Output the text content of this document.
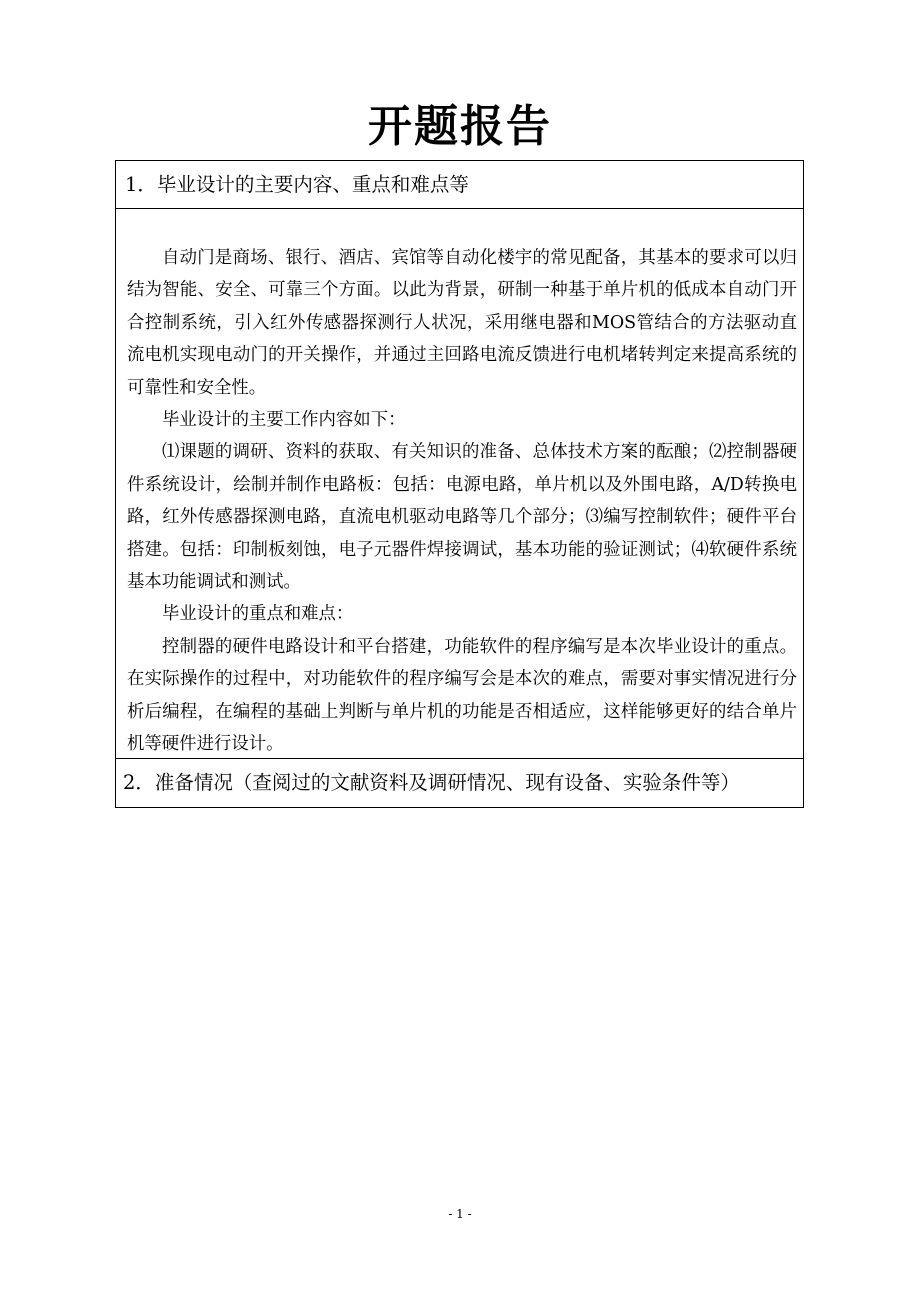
开题报告
1．毕业设计的主要内容、重点和难点等

自动门是商场、银行、酒店、宾馆等自动化楼宇的常见配备，其基本的要求可以归结为智能、安全、可靠三个方面。以此为背景，研制一种基于单片机的低成本自动门开合控制系统，引入红外传感器探测行人状况，采用继电器和MOS管结合的方法驱动直流电机实现电动门的开关操作，并通过主回路电流反馈进行电机堵转判定来提高系统的可靠性和安全性。

毕业设计的主要工作内容如下：

⑴课题的调研、资料的获取、有关知识的准备、总体技术方案的酝酿；⑵控制器硬件系统设计，绘制并制作电路板：包括：电源电路，单片机以及外围电路，A/D转换电路，红外传感器探测电路，直流电机驱动电路等几个部分；⑶编写控制软件；硬件平台搭建。包括：印制板刻蚀，电子元器件焊接调试，基本功能的验证测试；⑷软硬件系统基本功能调试和测试。

毕业设计的重点和难点：

控制器的硬件电路设计和平台搭建，功能软件的程序编写是本次毕业设计的重点。在实际操作的过程中，对功能软件的程序编写会是本次的难点，需要对事实情况进行分析后编程，在编程的基础上判断与单片机的功能是否相适应，这样能够更好的结合单片机等硬件进行设计。

2．准备情况（查阅过的文献资料及调研情况、现有设备、实验条件等）
- 1 -
